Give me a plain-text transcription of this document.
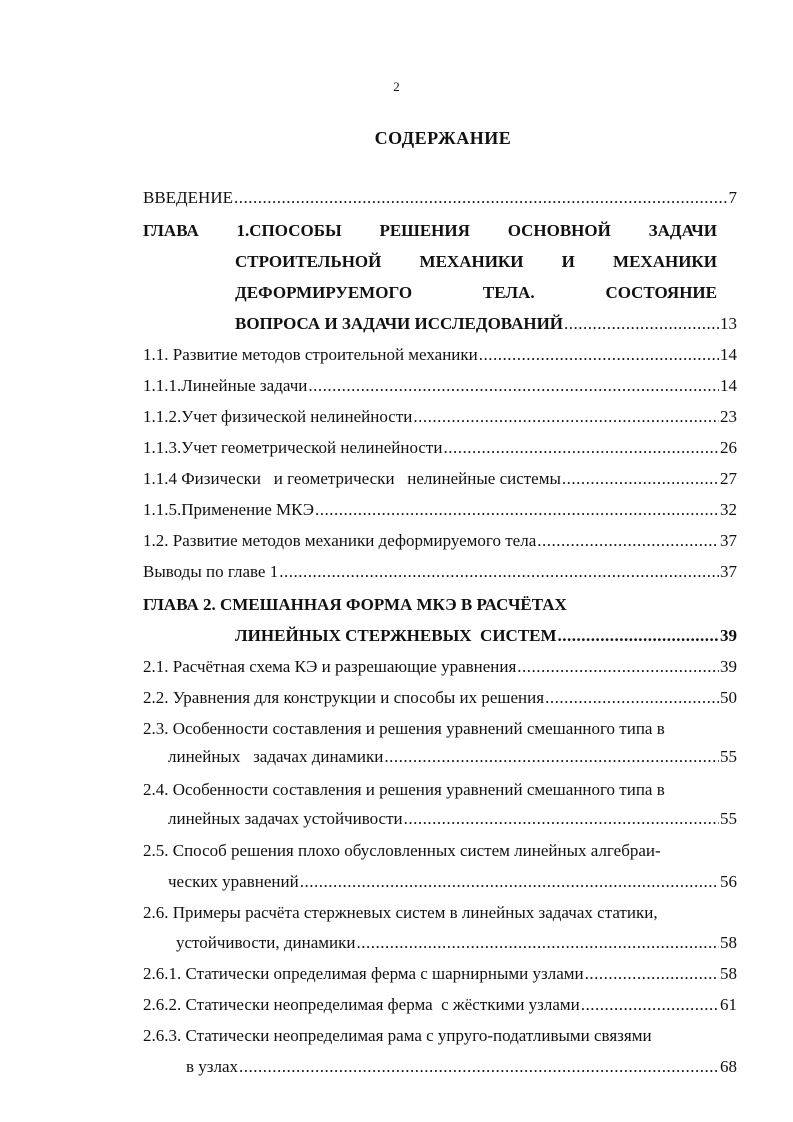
2
СОДЕРЖАНИЕ
ВВЕДЕНИЕ .....	7
ГЛАВА 1.СПОСОБЫ РЕШЕНИЯ ОСНОВНОЙ ЗАДАЧИ
СТРОИТЕЛЬНОЙ МЕХАНИКИ И МЕХАНИКИ
ДЕФОРМИРУЕМОГО	ТЕЛА.	СОСТОЯНИЕ
ВОПРОСА И ЗАДАЧИ ИССЛЕДОВАНИЙ .....	13
1.1. Развитие методов строительной механики .....	14
1.1.1.Линейные задачи .....	14
1.1.2.Учет физической нелинейности .....	23
1.1.3.Учет геометрической нелинейности .....	26
1.1.4 Физически   и геометрически   нелинейные системы .....	27
1.1.5.Применение МКЭ .....	32
1.2. Развитие методов механики деформируемого тела .....	37
Выводы по главе 1 .....	37
ГЛАВА 2. СМЕШАННАЯ ФОРМА МКЭ В РАСЧЁТАХ
ЛИНЕЙНЫХ СТЕРЖНЕВЫХ  СИСТЕМ .....	39
2.1. Расчётная схема КЭ и разрешающие уравнения .....	39
2.2. Уравнения для конструкции и способы их решения .....	50
2.3. Особенности составления и решения уравнений смешанного типа в
линейных   задачах динамики .....	55
2.4. Особенности составления и решения уравнений смешанного типа в
линейных задачах устойчивости .....	55
2.5. Способ решения плохо обусловленных систем линейных алгебраи-
ческих уравнений .....	56
2.6. Примеры расчёта стержневых систем в линейных задачах статики,
устойчивости, динамики .....	58
2.6.1. Статически определимая ферма с шарнирными узлами .....	58
2.6.2. Статически неопределимая ферма  с жёсткими узлами .....	61
2.6.3. Статически неопределимая рама с упруго-податливыми связями
в узлах .....	68
